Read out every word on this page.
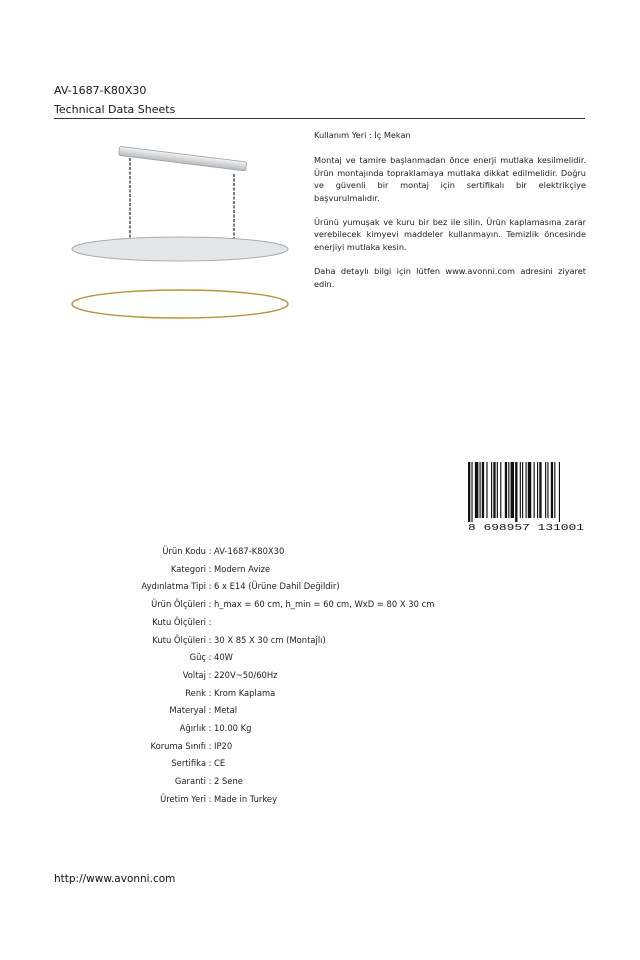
AV-1687-K80X30
Technical Data Sheets

Kullanım Yeri : İç Mekan

Montaj ve tamire başlanmadan önce enerji mutlaka kesilmelidir. Ürün montajında topraklamaya mutlaka dikkat edilmelidir. Doğru ve güvenli bir montaj için sertifikalı bir elektrikçiye başvurulmalıdır.

Ürünü yumuşak ve kuru bir bez ile silin. Ürün kaplamasına zarar verebilecek kimyevi maddeler kullanmayın. Temizlik öncesinde enerjiyi mutlaka kesin.

Daha detaylı bilgi için lütfen www.avonni.com adresini ziyaret edin.

8 698957 131001
Ürün Kodu : AV-1687-K80X30
Kategori : Modern Avize
Aydınlatma Tipi : 6 x E14 (Ürüne Dahil Değildir)
Ürün Ölçüleri : h_max = 60 cm, h_min = 60 cm, WxD = 80 X 30 cm
Kutu Ölçüleri :
Kutu Ölçüleri : 30 X 85 X 30 cm (Montajlı)
Güç : 40W
Voltaj : 220V~50/60Hz
Renk : Krom Kaplama
Materyal : Metal
Ağırlık : 10.00 Kg
Koruma Sınıfı : IP20
Sertifika : CE
Garanti : 2 Sene
Üretim Yeri : Made in Turkey
http://www.avonni.com
